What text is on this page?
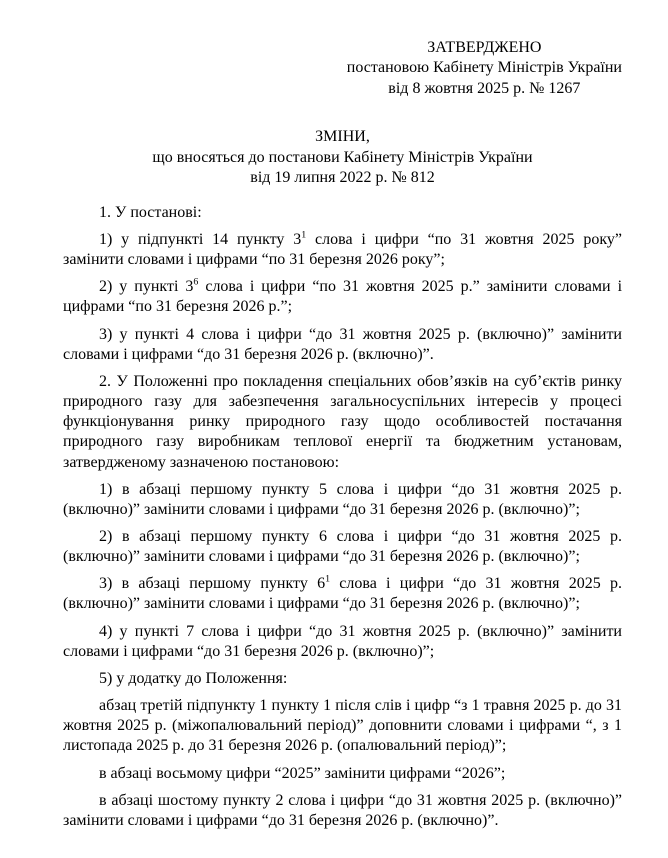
ЗАТВЕРДЖЕНО
постановою Кабінету Міністрів України
від 8 жовтня 2025 р. № 1267
ЗМІНИ,
що вносяться до постанови Кабінету Міністрів України
від 19 липня 2022 р. № 812

1. У постанові:

1) у підпункті 14 пункту $3^1$ слова і цифри “по 31 жовтня 2025 року” замінити словами і цифрами “по 31 березня 2026 року”;

2) у пункті $3^6$ слова і цифри “по 31 жовтня 2025 р.” замінити словами і цифрами “по 31 березня 2026 р.”;

3) у пункті 4 слова і цифри “до 31 жовтня 2025 р. (включно)” замінити словами і цифрами “до 31 березня 2026 р. (включно)”.

2. У Положенні про покладення спеціальних обов’язків на суб’єктів ринку природного газу для забезпечення загальносуспільних інтересів у процесі функціонування ринку природного газу щодо особливостей постачання природного газу виробникам теплової енергії та бюджетним установам, затвердженому зазначеною постановою:

1) в абзаці першому пункту 5 слова і цифри “до 31 жовтня 2025 р. (включно)” замінити словами і цифрами “до 31 березня 2026 р. (включно)”;

2) в абзаці першому пункту 6 слова і цифри “до 31 жовтня 2025 р. (включно)” замінити словами і цифрами “до 31 березня 2026 р. (включно)”;

3) в абзаці першому пункту $6^1$ слова і цифри “до 31 жовтня 2025 р. (включно)” замінити словами і цифрами “до 31 березня 2026 р. (включно)”;

4) у пункті 7 слова і цифри “до 31 жовтня 2025 р. (включно)” замінити словами і цифрами “до 31 березня 2026 р. (включно)”;

5) у додатку до Положення:

абзац третій підпункту 1 пункту 1 після слів і цифр “з 1 травня 2025 р. до 31 жовтня 2025 р. (міжопалювальний період)” доповнити словами і цифрами “, з 1 листопада 2025 р. до 31 березня 2026 р. (опалювальний період)”;

в абзаці восьмому цифри “2025” замінити цифрами “2026”;

в абзаці шостому пункту 2 слова і цифри “до 31 жовтня 2025 р. (включно)” замінити словами і цифрами “до 31 березня 2026 р. (включно)”.
